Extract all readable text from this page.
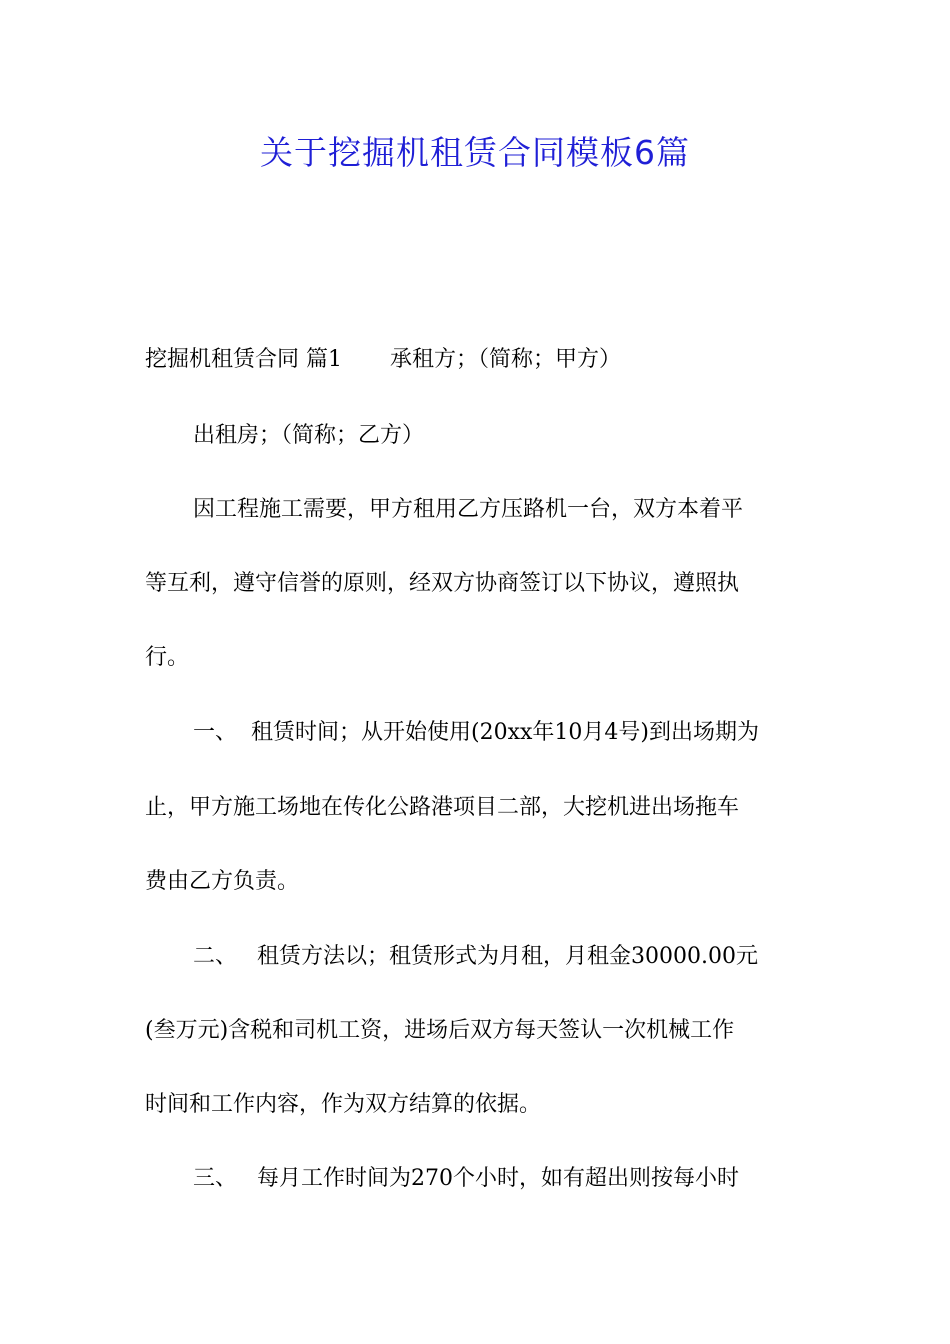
关于挖掘机租赁合同模板6篇
挖掘机租赁合同 篇1 承租方；（简称；甲方）
出租房；（简称；乙方）
因工程施工需要，甲方租用乙方压路机一台，双方本着平
等互利，遵守信誉的原则，经双方协商签订以下协议，遵照执
行。
一、 租赁时间；从开始使用(20xx年10月4号)到出场期为
止，甲方施工场地在传化公路港项目二部，大挖机进出场拖车
费由乙方负责。
二、 租赁方法以；租赁形式为月租，月租金30000.00元
(叁万元)含税和司机工资，进场后双方每天签认一次机械工作
时间和工作内容，作为双方结算的依据。
三、 每月工作时间为270个小时，如有超出则按每小时
